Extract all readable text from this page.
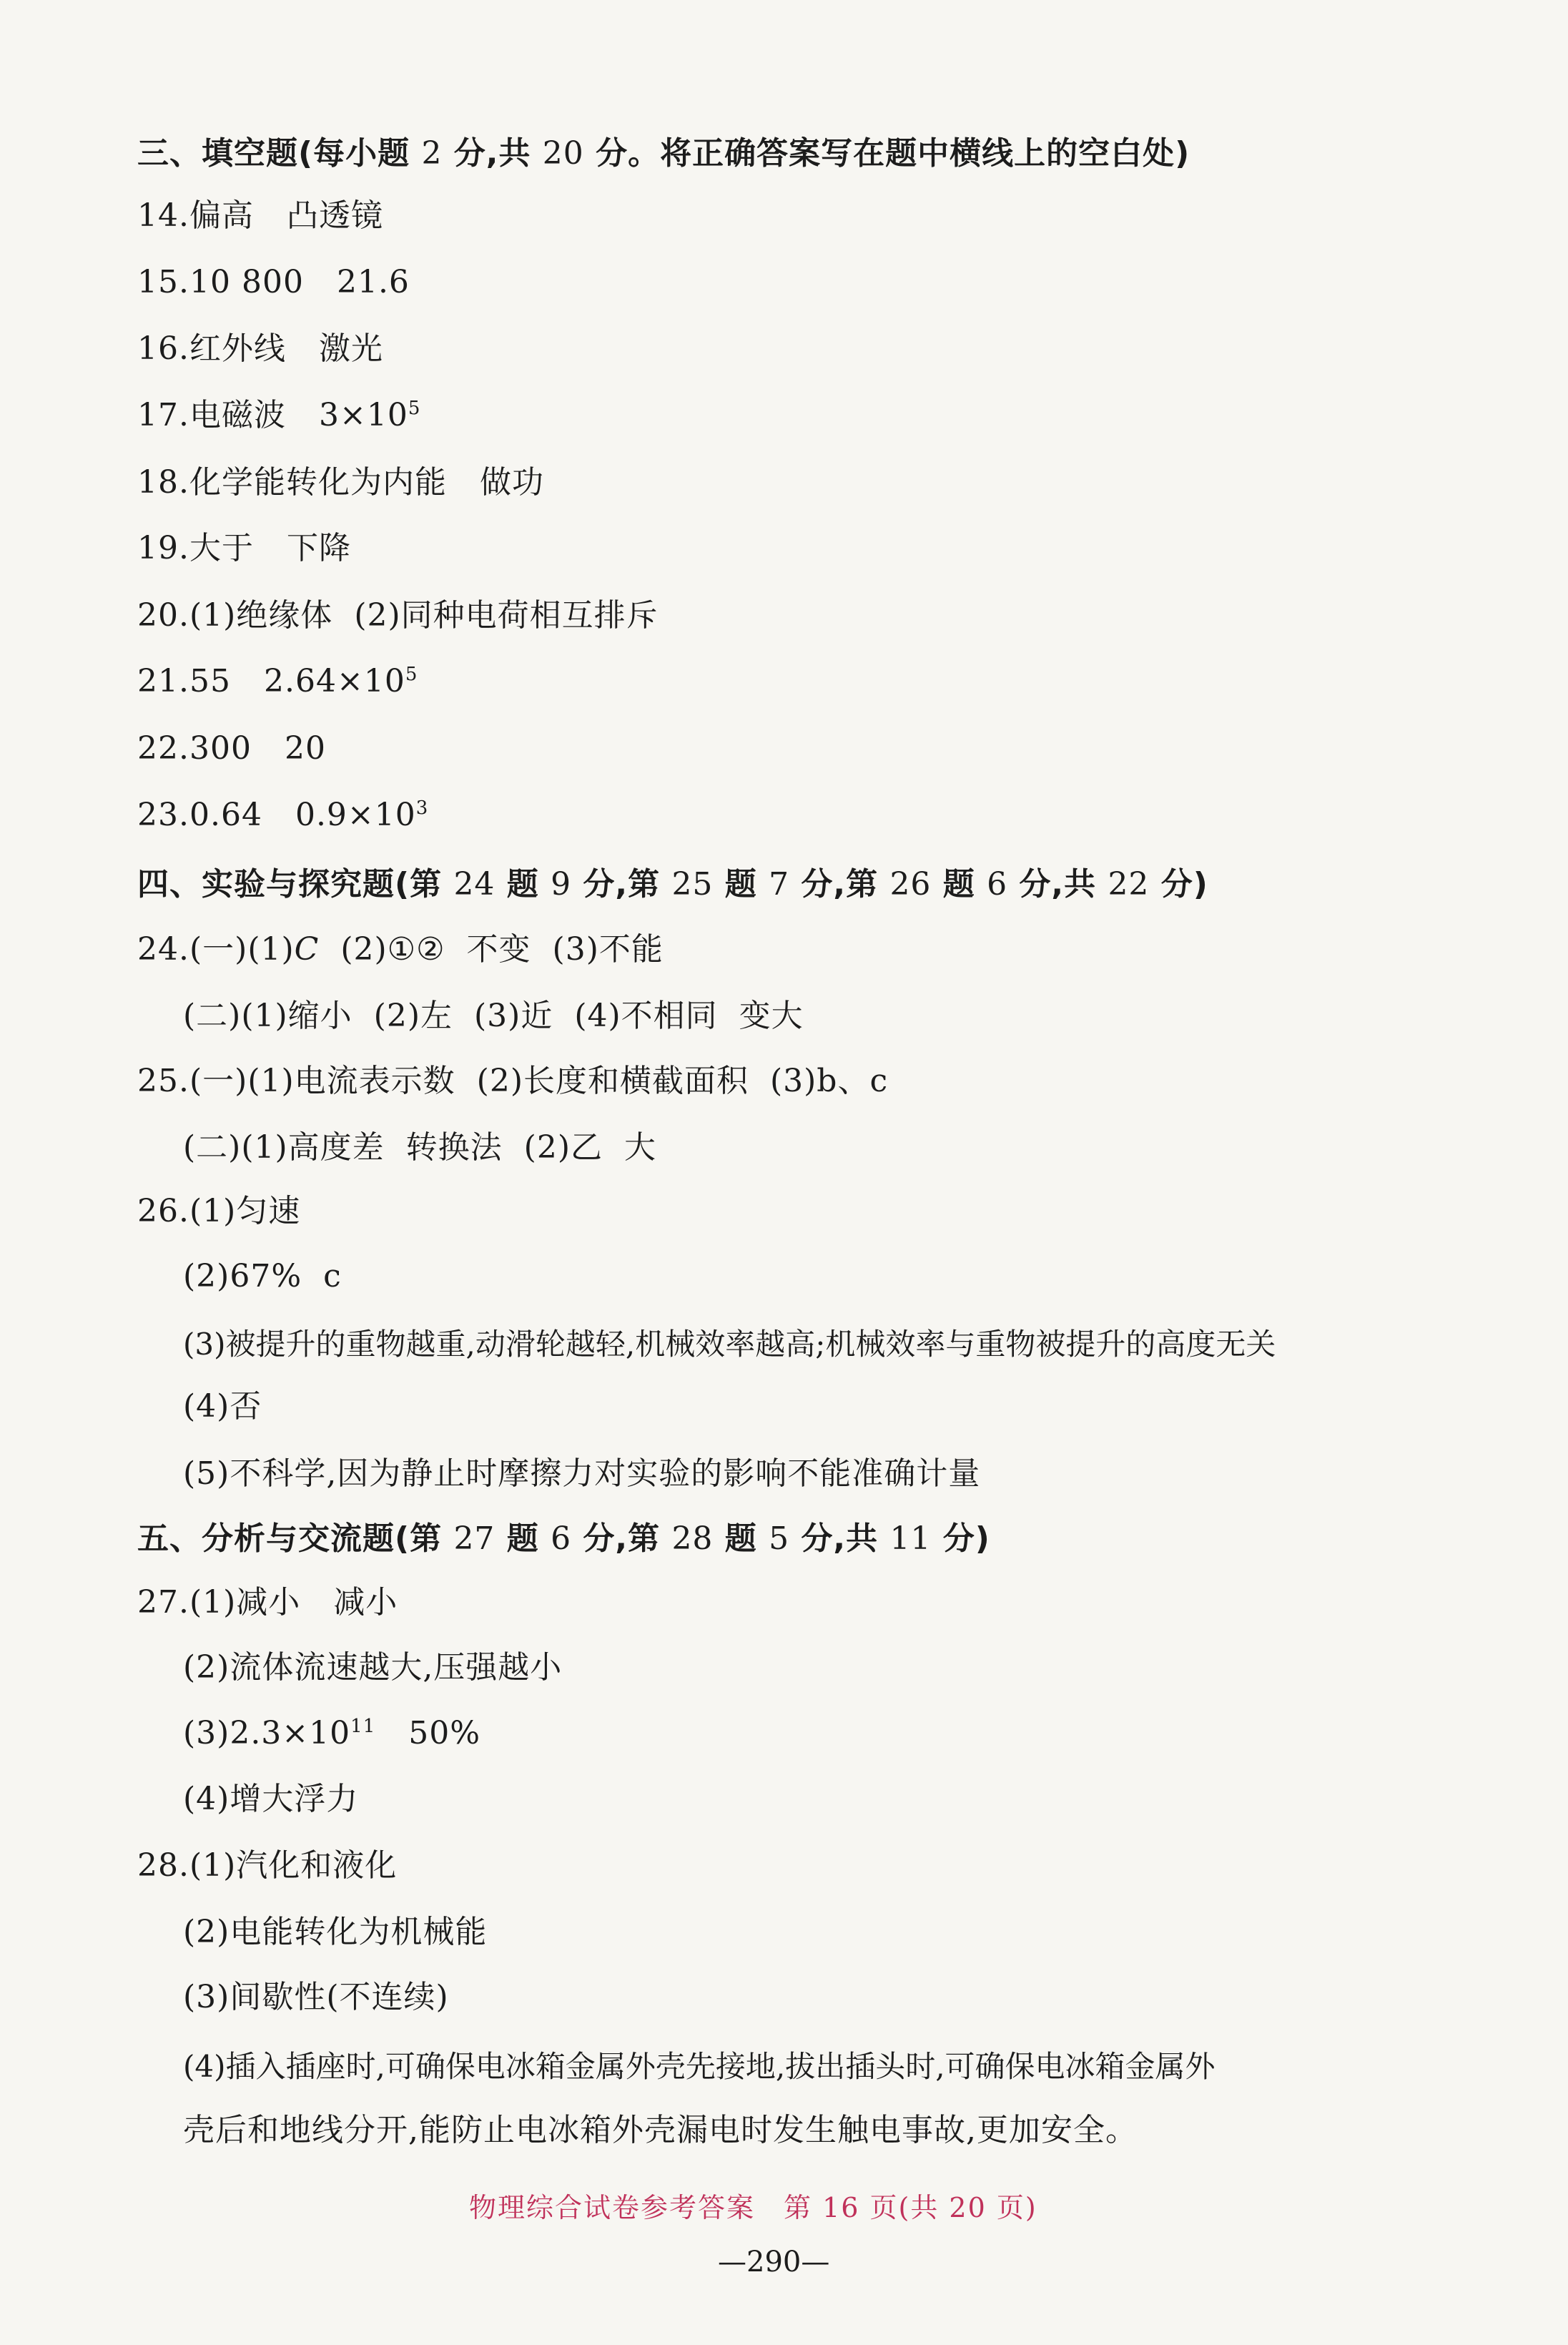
三、填空题(每小题 2 分,共 20 分。将正确答案写在题中横线上的空白处)
14.偏高 凸透镜
15.10 800 21.6
16.红外线 激光
17.电磁波 $3\times 10^5$
18.化学能转化为内能 做功
19.大于 下降
20.(1)绝缘体 (2)同种电荷相互排斥
21.55 $2.64\times 10^5$
22.300 20
23.0.64 $0.9\times 10^3$
四、实验与探究题(第 24 题 9 分,第 25 题 7 分,第 26 题 6 分,共 22 分)
24.(一)(1)C (2)①② 不变 (3)不能
(二)(1)缩小 (2)左 (3)近 (4)不相同 变大
25.(一)(1)电流表示数 (2)长度和横截面积 (3)b、c
(二)(1)高度差 转换法 (2)乙 大
26.(1)匀速
(2)67% c
(3)被提升的重物越重,动滑轮越轻,机械效率越高;机械效率与重物被提升的高度无关
(4)否
(5)不科学,因为静止时摩擦力对实验的影响不能准确计量
五、分析与交流题(第 27 题 6 分,第 28 题 5 分,共 11 分)
27.(1)减小 减小
(2)流体流速越大,压强越小
$(3)2.3\times 10^{11}$ 50%
(4)增大浮力
28.(1)汽化和液化
(2)电能转化为机械能
(3)间歇性(不连续)
(4)插入插座时,可确保电冰箱金属外壳先接地,拔出插头时,可确保电冰箱金属外
壳后和地线分开,能防止电冰箱外壳漏电时发生触电事故,更加安全。
物理综合试卷参考答案　第 16 页(共 20 页)
—290—
